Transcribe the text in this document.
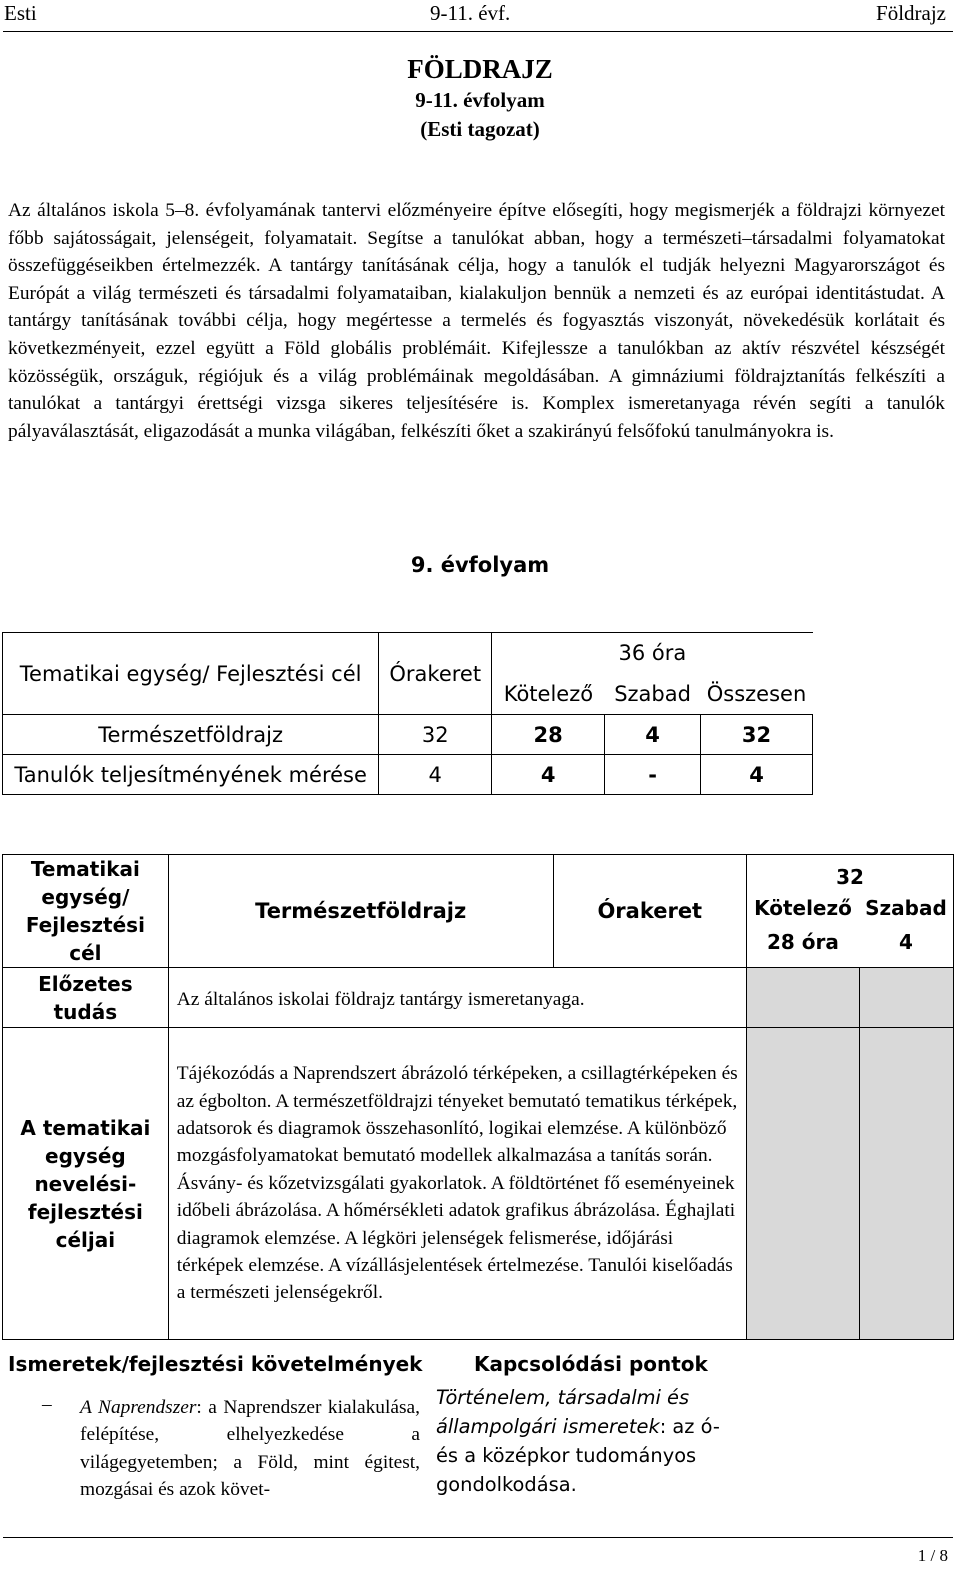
Esti	9-11. évf.	Földrajz
FÖLDRAJZ
9-11. évfolyam
(Esti tagozat)
Az általános iskola 5–8. évfolyamának tantervi előzményeire építve elősegíti, hogy megismerjék a földrajzi környezet főbb sajátosságait, jelenségeit, folyamatait. Segítse a tanulókat abban, hogy a természeti–társadalmi folyamatokat összefüggéseikben értelmezzék. A tantárgy tanításának célja, hogy a tanulók el tudják helyezni Magyarországot és Európát a világ természeti és társadalmi folyamataiban, kialakuljon bennük a nemzeti és az európai identitástudat. A tantárgy tanításának további célja, hogy megértesse a termelés és fogyasztás viszonyát, növekedésük korlátait és következményeit, ezzel együtt a Föld globális problémáit. Kifejlessze a tanulókban az aktív részvétel készségét közösségük, országuk, régiójuk és a világ problémáinak megoldásában. A gimnáziumi földrajztanítás felkészíti a tanulókat a tantárgyi érettségi vizsga sikeres teljesítésére is. Komplex ismeretanyaga révén segíti a tanulók pályaválasztását, eligazodását a munka világában, felkészíti őket a szakirányú felsőfokú tanulmányokra is.
9. évfolyam
Tematikai egység/ Fejlesztési cél	Órakeret	36 óra		
		Kötelező	Szabad	Összesen
Természetföldrajz	32	28	4	32
Tanulók teljesítményének mérése	4	4	-	4
Tematikai egység/ Fejlesztési cél	Természetföldrajz	Órakeret	32
Kötelező Szabad
28 óra 4	

Előzetes tudás	Az általános iskolai földrajz tantárgy ismeretanyaga.			
A tematikai egység nevelési-fejlesztési céljai	Tájékozódás a Naprendszert ábrázoló térképeken, a csillagtérképeken és az égbolton. A természetföldrajzi tényeket bemutató tematikus térképek, adatsorok és diagramok összehasonlító, logikai elemzése. A különböző mozgásfolyamatokat bemutató modellek alkalmazása a tanítás során. Ásvány- és kőzetvizsgálati gyakorlatok. A földtörténet fő eseményeinek időbeli ábrázolása. A hőmérsékleti adatok grafikus ábrázolása. Éghajlati diagramok elemzése. A légköri jelenségek felismerése, időjárási térképek elemzése. A vízállásjelentések értelmezése. Tanulói kiselőadás a természeti jelenségekről.			
Ismeretek/fejlesztési követelmények	Kapcsolódási pontok
– A Naprendszer: a Naprendszer kialakulása, felépítése, elhelyezkedése a világegyetemben; a Föld, mint égitest, mozgásai és azok követ-
Történelem, társadalmi és állampolgári ismeretek: az ó- és a középkor tudományos gondolkodása.
1 / 8
